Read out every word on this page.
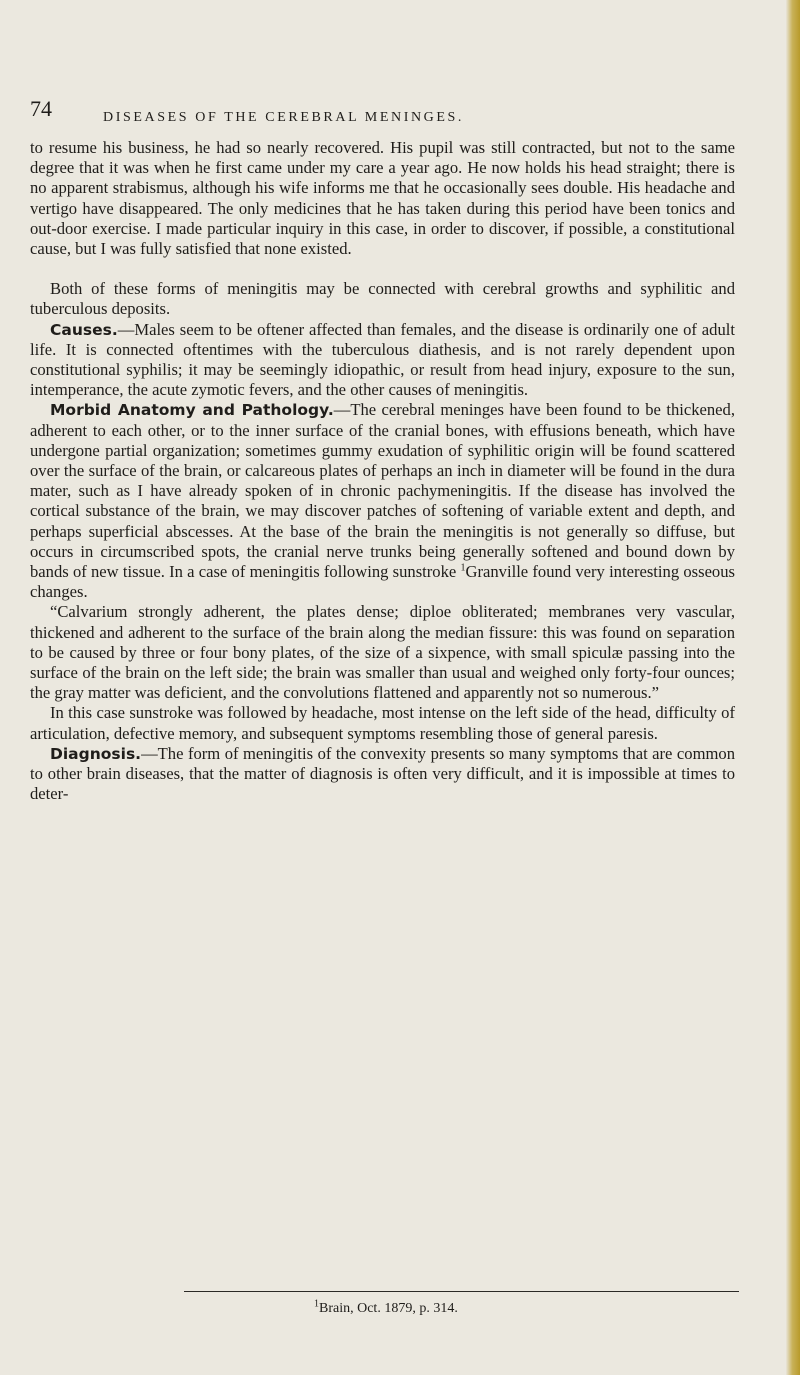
74	DISEASES OF THE CEREBRAL MENINGES.

to resume his business, he had so nearly recovered. His pupil was still contracted, but not to the same degree that it was when he first came under my care a year ago. He now holds his head straight; there is no apparent strabismus, although his wife informs me that he occasionally sees double. His headache and vertigo have disappeared. The only medicines that he has taken during this period have been tonics and out-door exercise. I made particular inquiry in this case, in order to discover, if possible, a constitutional cause, but I was fully satisfied that none existed.

Both of these forms of meningitis may be connected with cerebral growths and syphilitic and tuberculous deposits.

Causes.—Males seem to be oftener affected than females, and the disease is ordinarily one of adult life. It is connected oftentimes with the tuberculous diathesis, and is not rarely dependent upon constitutional syphilis; it may be seemingly idiopathic, or result from head injury, exposure to the sun, intemperance, the acute zymotic fevers, and the other causes of meningitis.

Morbid Anatomy and Pathology.—The cerebral meninges have been found to be thickened, adherent to each other, or to the inner surface of the cranial bones, with effusions beneath, which have undergone partial organization; sometimes gummy exudation of syphilitic origin will be found scattered over the surface of the brain, or calcareous plates of perhaps an inch in diameter will be found in the dura mater, such as I have already spoken of in chronic pachymeningitis. If the disease has involved the cortical substance of the brain, we may discover patches of softening of variable extent and depth, and perhaps superficial abscesses. At the base of the brain the meningitis is not generally so diffuse, but occurs in circumscribed spots, the cranial nerve trunks being generally softened and bound down by bands of new tissue. In a case of meningitis following sunstroke $^1$Granville found very interesting osseous changes.

“Calvarium strongly adherent, the plates dense; diploe obliterated; membranes very vascular, thickened and adherent to the surface of the brain along the median fissure: this was found on separation to be caused by three or four bony plates, of the size of a sixpence, with small spiculæ passing into the surface of the brain on the left side; the brain was smaller than usual and weighed only forty-four ounces; the gray matter was deficient, and the convolutions flattened and apparently not so numerous.”

In this case sunstroke was followed by headache, most intense on the left side of the head, difficulty of articulation, defective memory, and subsequent symptoms resembling those of general paresis.

Diagnosis.—The form of meningitis of the convexity presents so many symptoms that are common to other brain diseases, that the matter of diagnosis is often very difficult, and it is impossible at times to deter-

$^1$Brain, Oct. 1879, p. 314.
